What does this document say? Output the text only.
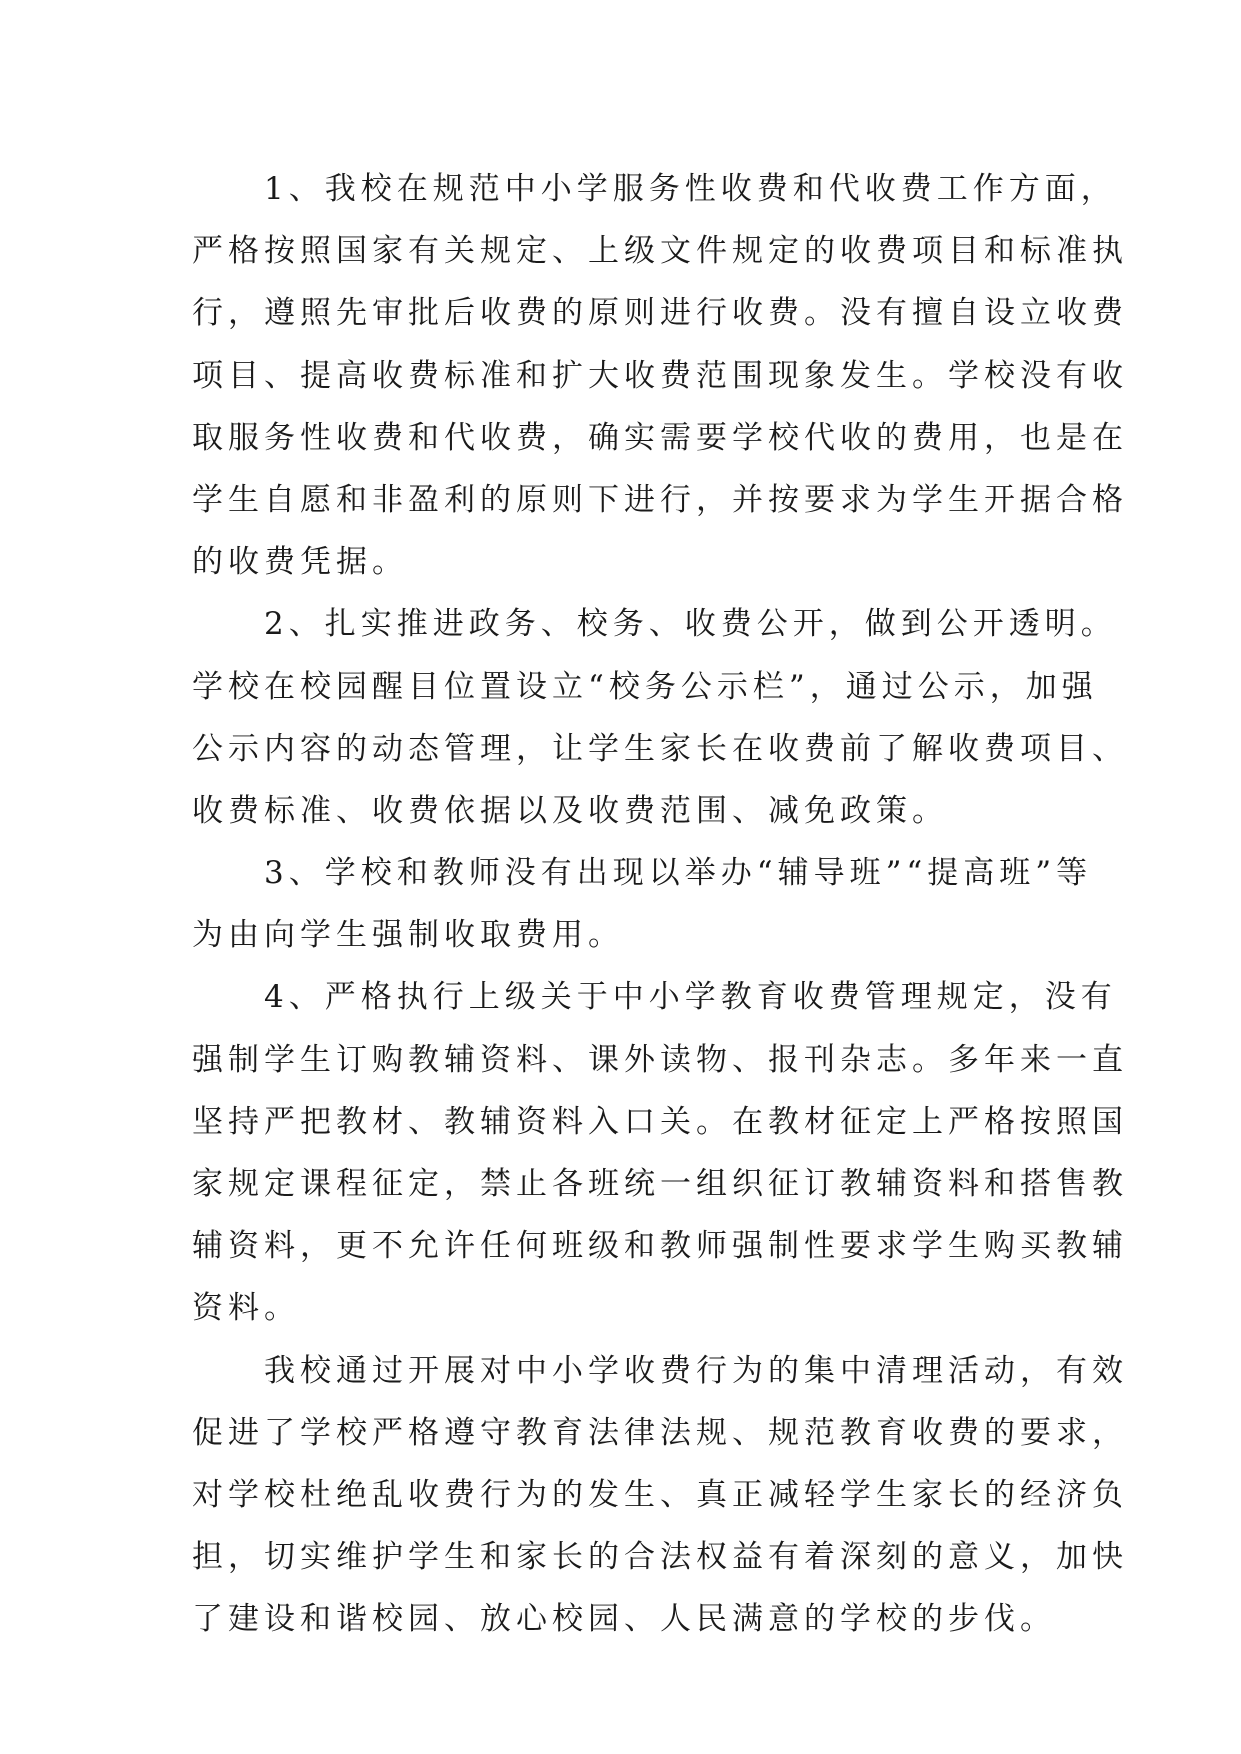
　　1、我校在规范中小学服务性收费和代收费工作方面，
严格按照国家有关规定、上级文件规定的收费项目和标准执
行，遵照先审批后收费的原则进行收费。没有擅自设立收费
项目、提高收费标准和扩大收费范围现象发生。学校没有收
取服务性收费和代收费，确实需要学校代收的费用，也是在
学生自愿和非盈利的原则下进行，并按要求为学生开据合格
的收费凭据。
　　2、扎实推进政务、校务、收费公开，做到公开透明。
学校在校园醒目位置设立“校务公示栏”，通过公示，加强
公示内容的动态管理，让学生家长在收费前了解收费项目、
收费标准、收费依据以及收费范围、减免政策。
　　3、学校和教师没有出现以举办“辅导班”“提高班”等
为由向学生强制收取费用。
　　4、严格执行上级关于中小学教育收费管理规定，没有
强制学生订购教辅资料、课外读物、报刊杂志。多年来一直
坚持严把教材、教辅资料入口关。在教材征定上严格按照国
家规定课程征定，禁止各班统一组织征订教辅资料和搭售教
辅资料，更不允许任何班级和教师强制性要求学生购买教辅
资料。
　　我校通过开展对中小学收费行为的集中清理活动，有效
促进了学校严格遵守教育法律法规、规范教育收费的要求，
对学校杜绝乱收费行为的发生、真正减轻学生家长的经济负
担，切实维护学生和家长的合法权益有着深刻的意义，加快
了建设和谐校园、放心校园、人民满意的学校的步伐。
